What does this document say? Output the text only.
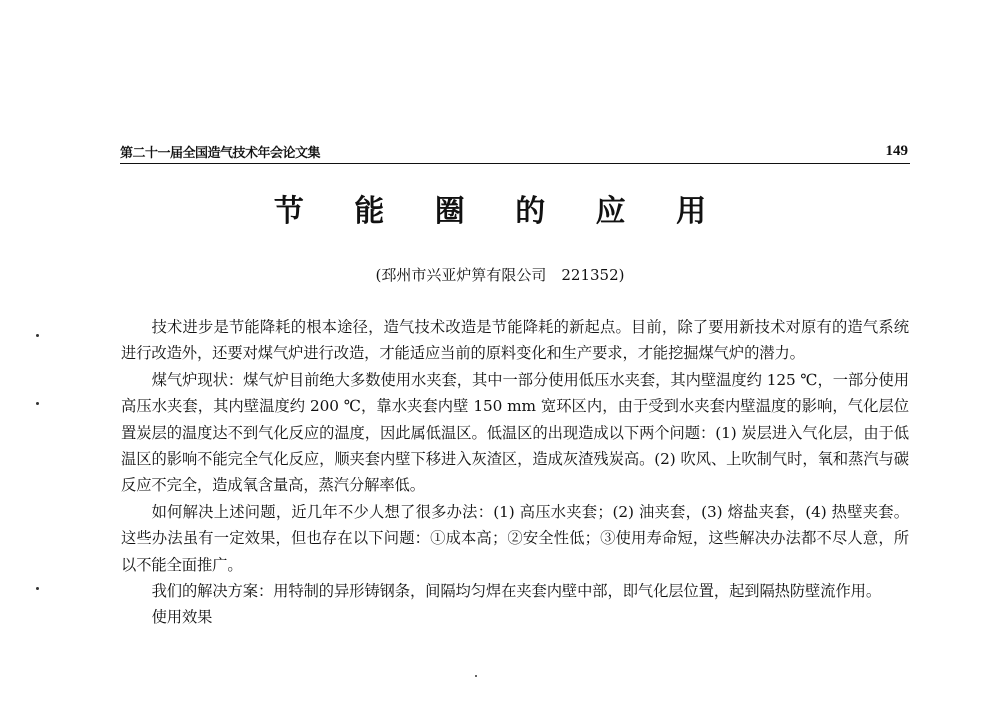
第二十一届全国造气技术年会论文集	149
节 能 圈 的 应 用
(邳州市兴亚炉箅有限公司　221352)

技术进步是节能降耗的根本途径，造气技术改造是节能降耗的新起点。目前，除了要用新技术对原有的造气系统进行改造外，还要对煤气炉进行改造，才能适应当前的原料变化和生产要求，才能挖掘煤气炉的潜力。

煤气炉现状：煤气炉目前绝大多数使用水夹套，其中一部分使用低压水夹套，其内壁温度约 125 ℃，一部分使用高压水夹套，其内壁温度约 200 ℃，靠水夹套内壁 150 mm 宽环区内，由于受到水夹套内壁温度的影响，气化层位置炭层的温度达不到气化反应的温度，因此属低温区。低温区的出现造成以下两个问题：(1) 炭层进入气化层，由于低温区的影响不能完全气化反应，顺夹套内壁下移进入灰渣区，造成灰渣残炭高。(2) 吹风、上吹制气时，氧和蒸汽与碳反应不完全，造成氧含量高，蒸汽分解率低。

如何解决上述问题，近几年不少人想了很多办法：(1) 高压水夹套；(2) 油夹套，(3) 熔盐夹套，(4) 热壁夹套。这些办法虽有一定效果，但也存在以下问题：①成本高；②安全性低；③使用寿命短，这些解决办法都不尽人意，所以不能全面推广。

我们的解决方案：用特制的异形铸钢条，间隔均匀焊在夹套内壁中部，即气化层位置，起到隔热防壁流作用。

使用效果
